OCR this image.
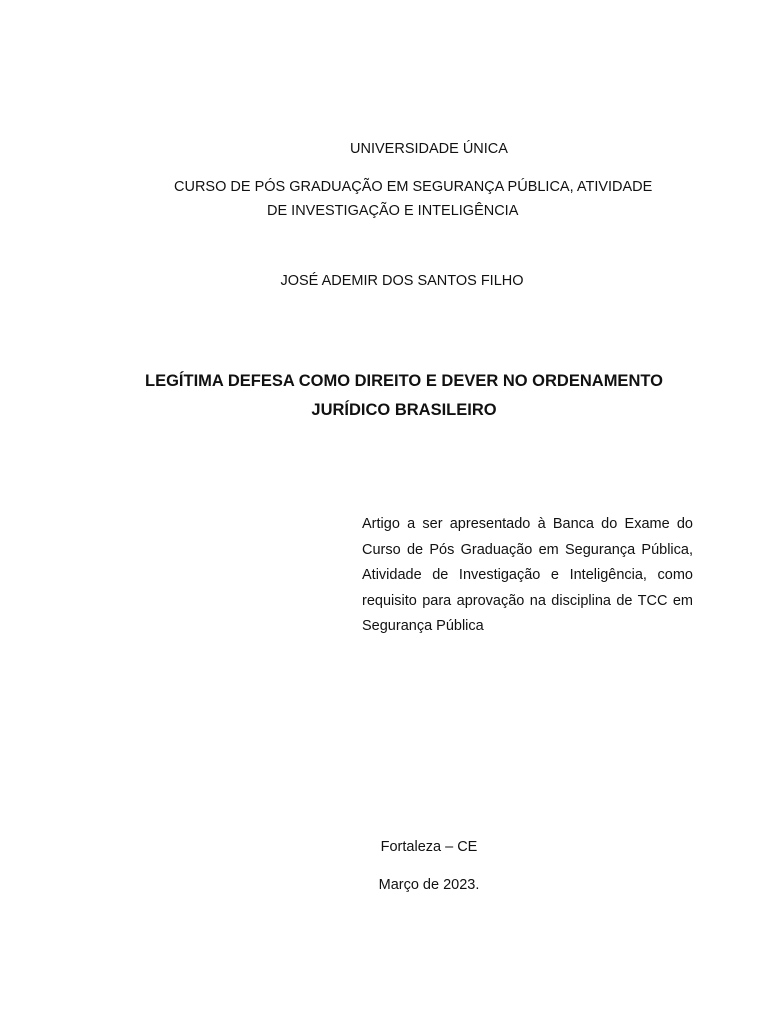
UNIVERSIDADE ÚNICA
CURSO DE PÓS GRADUAÇÃO EM SEGURANÇA PÚBLICA, ATIVIDADE
DE INVESTIGAÇÃO E INTELIGÊNCIA
JOSÉ ADEMIR DOS SANTOS FILHO
LEGÍTIMA DEFESA COMO DIREITO E DEVER NO ORDENAMENTO
JURÍDICO BRASILEIRO
Artigo a ser apresentado à Banca do Exame do Curso de Pós Graduação em Segurança Pública, Atividade de Investigação e Inteligência, como requisito para aprovação na disciplina de TCC em Segurança Pública
Fortaleza – CE
Março de 2023.
